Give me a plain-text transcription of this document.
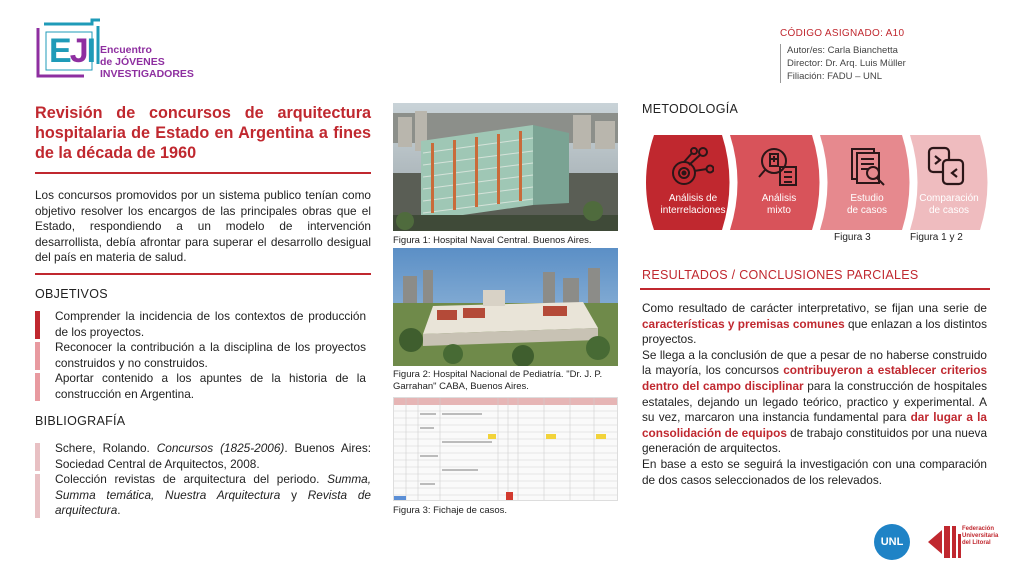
EJI Encuentro
de JÓVENES
INVESTIGADORES
CÓDIGO ASIGNADO: A10
Autor/es: Carla Bianchetta
Director: Dr. Arq. Luis Müller
Filiación: FADU – UNL
Revisión de concursos de arquitectura hospitalaria de Estado en Argentina a fines de la década de 1960
Los concursos promovidos por un sistema publico tenían como objetivo resolver los encargos de las principales obras que el Estado, respondiendo a un modelo de intervención desarrollista, debía afrontar para superar el desarrollo desigual del país en materia de salud.
OBJETIVOS
Comprender la incidencia de los contextos de producción de los proyectos.
Reconocer la contribución a la disciplina de los proyectos construidos y no construidos.
Aportar contenido a los apuntes de la historia de la construcción en Argentina.
BIBLIOGRAFÍA
Schere, Rolando. Concursos (1825-2006). Buenos Aires: Sociedad Central de Arquitectos, 2008.
Colección revistas de arquitectura del periodo. Summa, Summa temática, Nuestra Arquitectura y Revista de arquitectura.
Figura 1: Hospital Naval Central. Buenos Aires.
Figura 2: Hospital Nacional de Pediatría. "Dr. J. P.
Garrahan" CABA, Buenos Aires.
Figura 3: Fichaje de casos.
METODOLOGÍA
Análisis de
interrelaciones
Análisis
mixto
Estudio
de casos
Comparación
de casos
Figura 3	Figura 1 y 2
RESULTADOS / CONCLUSIONES PARCIALES

Como resultado de carácter interpretativo, se fijan una serie de características y premisas comunes que enlazan a los distintos proyectos.

Se llega a la conclusión de que a pesar de no haberse construido la mayoría, los concursos contribuyeron a establecer criterios dentro del campo disciplinar para la construcción de hospitales estatales, dejando un legado teórico, practico y experimental. A su vez, marcaron una instancia fundamental para dar lugar a la consolidación de equipos de trabajo constituidos por una nueva generación de arquitectos.

En base a esto se seguirá la investigación con una comparación de dos casos seleccionados de los relevados.

UNL
Federación
Universitaria
del Litoral
